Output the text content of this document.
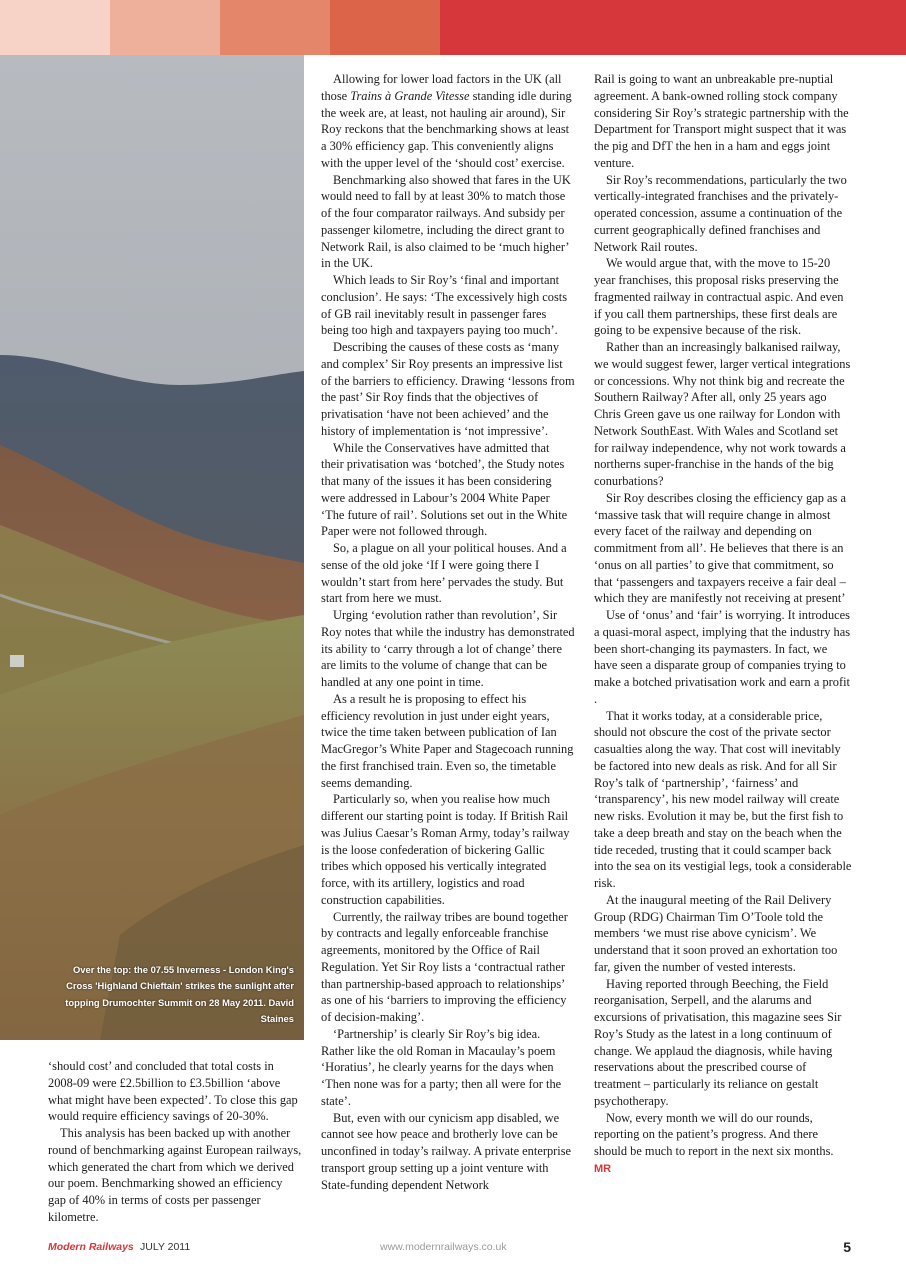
Over the top: the 07.55 Inverness - London King's Cross 'Highland Chieftain' strikes the sunlight after topping Drumochter Summit on 28 May 2011. David Staines

‘should cost’ and concluded that total costs in 2008-09 were £2.5billion to £3.5billion ‘above what might have been expected’. To close this gap would require efficiency savings of 20-30%.

This analysis has been backed up with another round of benchmarking against European railways, which generated the chart from which we derived our poem. Benchmarking showed an efficiency gap of 40% in terms of costs per passenger kilometre.

Allowing for lower load factors in the UK (all those Trains à Grande Vitesse standing idle during the week are, at least, not hauling air around), Sir Roy reckons that the benchmarking shows at least a 30% efficiency gap. This conveniently aligns with the upper level of the ‘should cost’ exercise.

Benchmarking also showed that fares in the UK would need to fall by at least 30% to match those of the four comparator railways. And subsidy per passenger kilometre, including the direct grant to Network Rail, is also claimed to be ‘much higher’ in the UK.

Which leads to Sir Roy’s ‘final and important conclusion’. He says: ‘The excessively high costs of GB rail inevitably result in passenger fares being too high and taxpayers paying too much’.

Describing the causes of these costs as ‘many and complex’ Sir Roy presents an impressive list of the barriers to efficiency. Drawing ‘lessons from the past’ Sir Roy finds that the objectives of privatisation ‘have not been achieved’ and the history of implementation is ‘not impressive’.

While the Conservatives have admitted that their privatisation was ‘botched’, the Study notes that many of the issues it has been considering were addressed in Labour’s 2004 White Paper ‘The future of rail’. Solutions set out in the White Paper were not followed through.

So, a plague on all your political houses. And a sense of the old joke ‘If I were going there I wouldn’t start from here’ pervades the study. But start from here we must.

Urging ‘evolution rather than revolution’, Sir Roy notes that while the industry has demonstrated its ability to ‘carry through a lot of change’ there are limits to the volume of change that can be handled at any one point in time.

As a result he is proposing to effect his efficiency revolution in just under eight years, twice the time taken between publication of Ian MacGregor’s White Paper and Stagecoach running the first franchised train. Even so, the timetable seems demanding.

Particularly so, when you realise how much different our starting point is today. If British Rail was Julius Caesar’s Roman Army, today’s railway is the loose confederation of bickering Gallic tribes which opposed his vertically integrated force, with its artillery, logistics and road construction capabilities.

Currently, the railway tribes are bound together by contracts and legally enforceable franchise agreements, monitored by the Office of Rail Regulation. Yet Sir Roy lists a ‘contractual rather than partnership-based approach to relationships’ as one of his ‘barriers to improving the efficiency of decision-making’.

‘Partnership’ is clearly Sir Roy’s big idea. Rather like the old Roman in Macaulay’s poem ‘Horatius’, he clearly yearns for the days when ‘Then none was for a party; then all were for the state’.

But, even with our cynicism app disabled, we cannot see how peace and brotherly love can be unconfined in today’s railway. A private enterprise transport group setting up a joint venture with State-funding dependent Network

Rail is going to want an unbreakable pre-nuptial agreement. A bank-owned rolling stock company considering Sir Roy’s strategic partnership with the Department for Transport might suspect that it was the pig and DfT the hen in a ham and eggs joint venture.

Sir Roy’s recommendations, particularly the two vertically-integrated franchises and the privately-operated concession, assume a continuation of the current geographically defined franchises and Network Rail routes.

We would argue that, with the move to 15-20 year franchises, this proposal risks preserving the fragmented railway in contractual aspic. And even if you call them partnerships, these first deals are going to be expensive because of the risk.

Rather than an increasingly balkanised railway, we would suggest fewer, larger vertical integrations or concessions. Why not think big and recreate the Southern Railway? After all, only 25 years ago Chris Green gave us one railway for London with Network SouthEast. With Wales and Scotland set for railway independence, why not work towards a northerns super-franchise in the hands of the big conurbations?

Sir Roy describes closing the efficiency gap as a ‘massive task that will require change in almost every facet of the railway and depending on commitment from all’. He believes that there is an ‘onus on all parties’ to give that commitment, so that ‘passengers and taxpayers receive a fair deal – which they are manifestly not receiving at present’

Use of ‘onus’ and ‘fair’ is worrying. It introduces a quasi-moral aspect, implying that the industry has been short-changing its paymasters. In fact, we have seen a disparate group of companies trying to make a botched privatisation work and earn a profit .

That it works today, at a considerable price, should not obscure the cost of the private sector casualties along the way. That cost will inevitably be factored into new deals as risk. And for all Sir Roy’s talk of ‘partnership’, ‘fairness’ and ‘transparency’, his new model railway will create new risks. Evolution it may be, but the first fish to take a deep breath and stay on the beach when the tide receded, trusting that it could scamper back into the sea on its vestigial legs, took a considerable risk.

At the inaugural meeting of the Rail Delivery Group (RDG) Chairman Tim O’Toole told the members ‘we must rise above cynicism’. We understand that it soon proved an exhortation too far, given the number of vested interests.

Having reported through Beeching, the Field reorganisation, Serpell, and the alarums and excursions of privatisation, this magazine sees Sir Roy’s Study as the latest in a long continuum of change. We applaud the diagnosis, while having reservations about the prescribed course of treatment – particularly its reliance on gestalt psychotherapy.

Now, every month we will do our rounds, reporting on the patient’s progress. And there should be much to report in the next six months. MR

Modern Railways JULY 2011	www.modernrailways.co.uk	5
